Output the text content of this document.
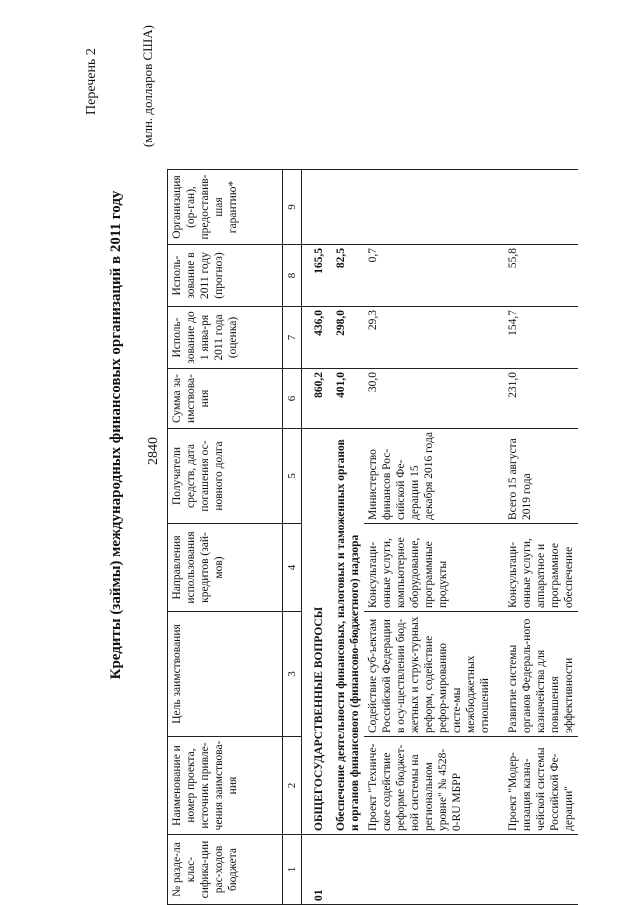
2840
Перечень 2
Кредиты (займы) международных финансовых организаций в 2011 году
(млн. долларов США)
№ разде-ла клас-сифика-ции рас-ходов бюджета	Наименование и номер проекта, источник привле-чения заимствова-ния	Цель заимствования	Направления использования кредитов (зай-мов)	Получатели средств, дата погашения ос-новного долга	Сумма за-имствова-ния	Исполь-зование до 1 янва-ря 2011 года (оценка)	Исполь-зование в 2011 году (прогноз)	Организация (ор-ган), предоставив-шая гарантию*
1	2	3	4	5	6	7	8	9
01	ОБЩЕГОСУДАРСТВЕННЫЕ ВОПРОСЫ				860,2	436,0	165,5	
	Обеспечение деятельности финансовых, налоговых и таможенных органов и органов финансового (финансово-бюджетного) надзора				401,0	298,0	82,5	
	Проект "Техниче-ское содействие реформе бюджет-ной системы на региональном уровне" № 4528-0-RU МБРР	Содействие суб-ъектам Российской Федерации в осу-ществлении бюд-жетных и струк-турных реформ, содействие рефор-мированию систе-мы межбюджетных отношений	Консультаци-онные услуги, компьютерное оборудование, программные продукты	Министерство финансов Рос-сийской Фе-дерации 15 декабря 2016 года	30,0	29,3	0,7	
	Проект "Модер-низация казна-чейской системы Российской Фе-дерации"	Развитие системы органов Федераль-ного казначейства для повышения эффективности	Консультаци-онные услуги, аппаратное и программное обеспечение	Всего 15 августа 2019 года	231,0	154,7	55,8	
